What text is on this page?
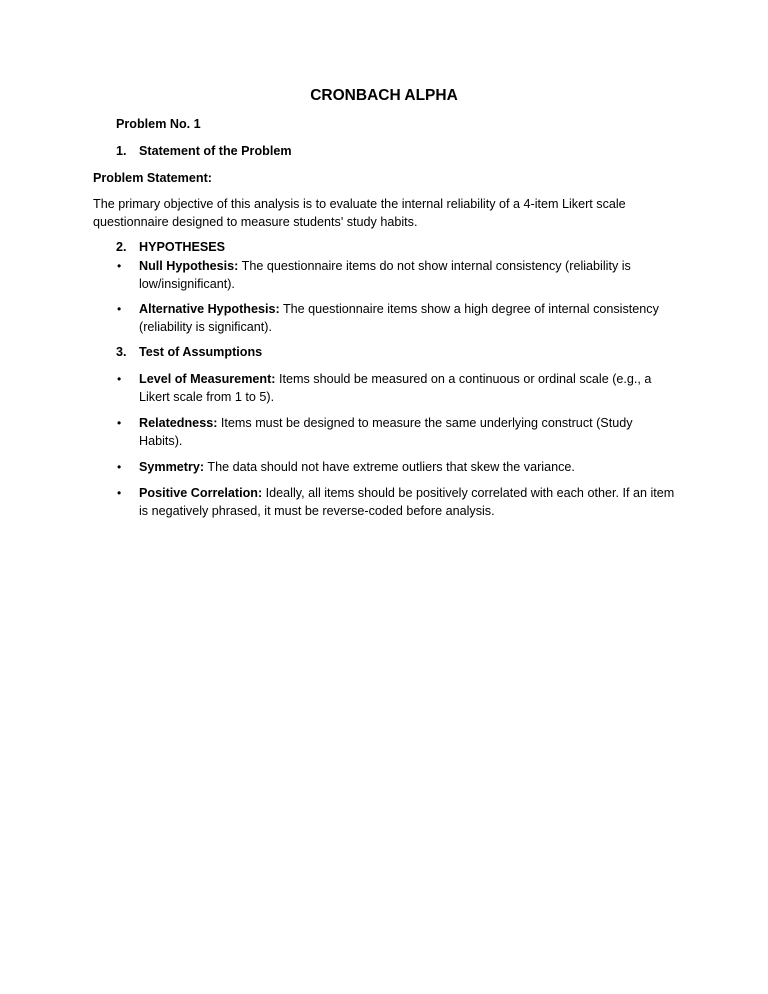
CRONBACH ALPHA
Problem No. 1
1. Statement of the Problem
Problem Statement:
The primary objective of this analysis is to evaluate the internal reliability of a 4-item Likert scale questionnaire designed to measure students' study habits.
2. HYPOTHESES
• Null Hypothesis: The questionnaire items do not show internal consistency (reliability is low/insignificant).
• Alternative Hypothesis: The questionnaire items show a high degree of internal consistency (reliability is significant).
3. Test of Assumptions
• Level of Measurement: Items should be measured on a continuous or ordinal scale (e.g., a Likert scale from 1 to 5).
• Relatedness: Items must be designed to measure the same underlying construct (Study Habits).
• Symmetry: The data should not have extreme outliers that skew the variance.
• Positive Correlation: Ideally, all items should be positively correlated with each other. If an item is negatively phrased, it must be reverse-coded before analysis.
